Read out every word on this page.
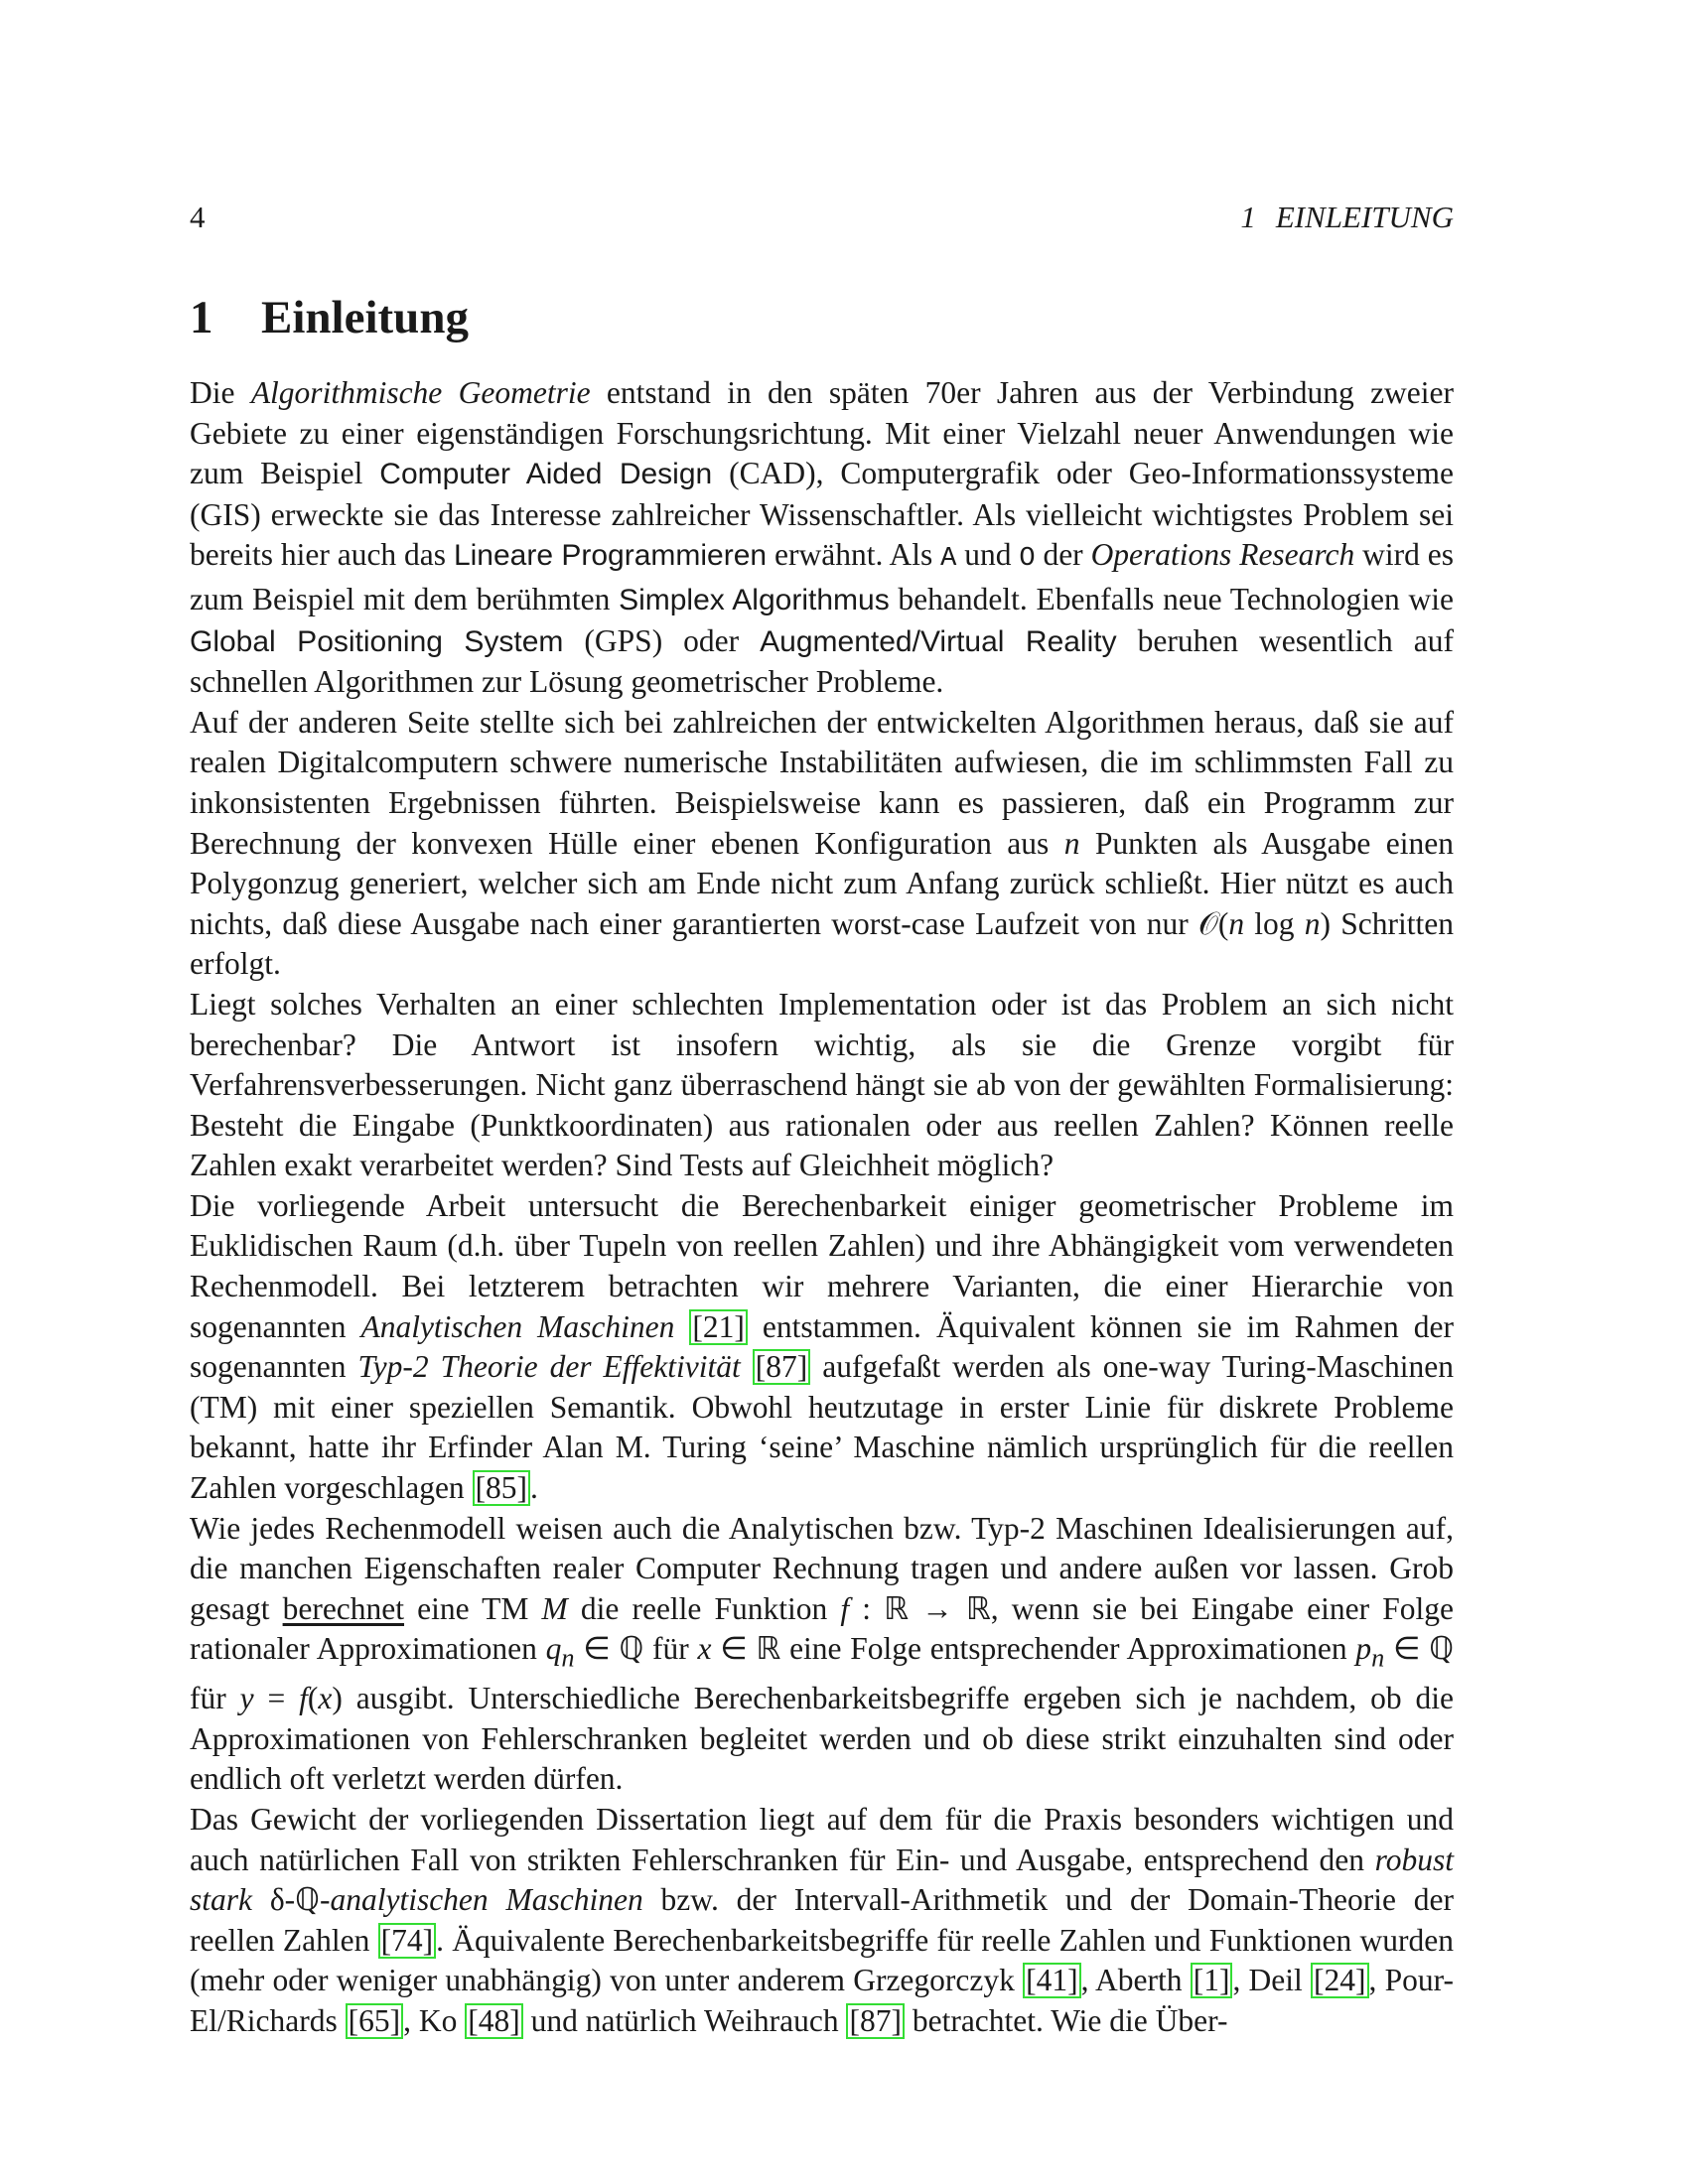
4	1 EINLEITUNG
1 Einleitung

Die Algorithmische Geometrie entstand in den späten 70er Jahren aus der Verbindung zweier Gebiete zu einer eigenständigen Forschungsrichtung. Mit einer Vielzahl neuer Anwendungen wie zum Beispiel Computer Aided Design (CAD), Computergrafik oder Geo-Informationssysteme (GIS) erweckte sie das Interesse zahlreicher Wissenschaftler. Als vielleicht wichtigstes Problem sei bereits hier auch das Lineare Programmieren erwähnt. Als A und O der Operations Research wird es zum Beispiel mit dem berühmten Simplex Algorithmus behandelt. Ebenfalls neue Technologien wie Global Positioning System (GPS) oder Augmented/Virtual Reality beruhen wesentlich auf schnellen Algorithmen zur Lösung geometrischer Probleme.

Auf der anderen Seite stellte sich bei zahlreichen der entwickelten Algorithmen heraus, daß sie auf realen Digitalcomputern schwere numerische Instabilitäten aufwiesen, die im schlimmsten Fall zu inkonsistenten Ergebnissen führten. Beispielsweise kann es passieren, daß ein Programm zur Berechnung der konvexen Hülle einer ebenen Konfiguration aus n Punkten als Ausgabe einen Polygonzug generiert, welcher sich am Ende nicht zum Anfang zurück schließt. Hier nützt es auch nichts, daß diese Ausgabe nach einer garantierten worst-case Laufzeit von nur 𝒪(n log n) Schritten erfolgt.

Liegt solches Verhalten an einer schlechten Implementation oder ist das Problem an sich nicht berechenbar? Die Antwort ist insofern wichtig, als sie die Grenze vorgibt für Verfahrensverbesserungen. Nicht ganz überraschend hängt sie ab von der gewählten Formalisierung: Besteht die Eingabe (Punktkoordinaten) aus rationalen oder aus reellen Zahlen? Können reelle Zahlen exakt verarbeitet werden? Sind Tests auf Gleichheit möglich?

Die vorliegende Arbeit untersucht die Berechenbarkeit einiger geometrischer Probleme im Euklidischen Raum (d.h. über Tupeln von reellen Zahlen) und ihre Abhängigkeit vom verwendeten Rechenmodell. Bei letzterem betrachten wir mehrere Varianten, die einer Hierarchie von sogenannten Analytischen Maschinen [21] entstammen. Äquivalent können sie im Rahmen der sogenannten Typ-2 Theorie der Effektivität [87] aufgefaßt werden als one-way Turing-Maschinen (TM) mit einer speziellen Semantik. Obwohl heutzutage in erster Linie für diskrete Probleme bekannt, hatte ihr Erfinder Alan M. Turing ‘seine’ Maschine nämlich ursprünglich für die reellen Zahlen vorgeschlagen [85].

Wie jedes Rechenmodell weisen auch die Analytischen bzw. Typ-2 Maschinen Idealisierungen auf, die manchen Eigenschaften realer Computer Rechnung tragen und andere außen vor lassen. Grob gesagt berechnet eine TM M die reelle Funktion f : ℝ → ℝ, wenn sie bei Eingabe einer Folge rationaler Approximationen $q_n$ ∈ ℚ für x ∈ ℝ eine Folge entsprechender Approximationen $p_n$ ∈ ℚ für y = f(x) ausgibt. Unterschiedliche Berechenbarkeitsbegriffe ergeben sich je nachdem, ob die Approximationen von Fehlerschranken begleitet werden und ob diese strikt einzuhalten sind oder endlich oft verletzt werden dürfen.

Das Gewicht der vorliegenden Dissertation liegt auf dem für die Praxis besonders wichtigen und auch natürlichen Fall von strikten Fehlerschranken für Ein- und Ausgabe, entsprechend den robust stark δ-ℚ-analytischen Maschinen bzw. der Intervall-Arithmetik und der Domain-Theorie der reellen Zahlen [74]. Äquivalente Berechenbarkeitsbegriffe für reelle Zahlen und Funktionen wurden (mehr oder weniger unabhängig) von unter anderem Grzegorczyk [41], Aberth [1], Deil [24], Pour-El/Richards [65], Ko [48] und natürlich Weihrauch [87] betrachtet. Wie die Über-
